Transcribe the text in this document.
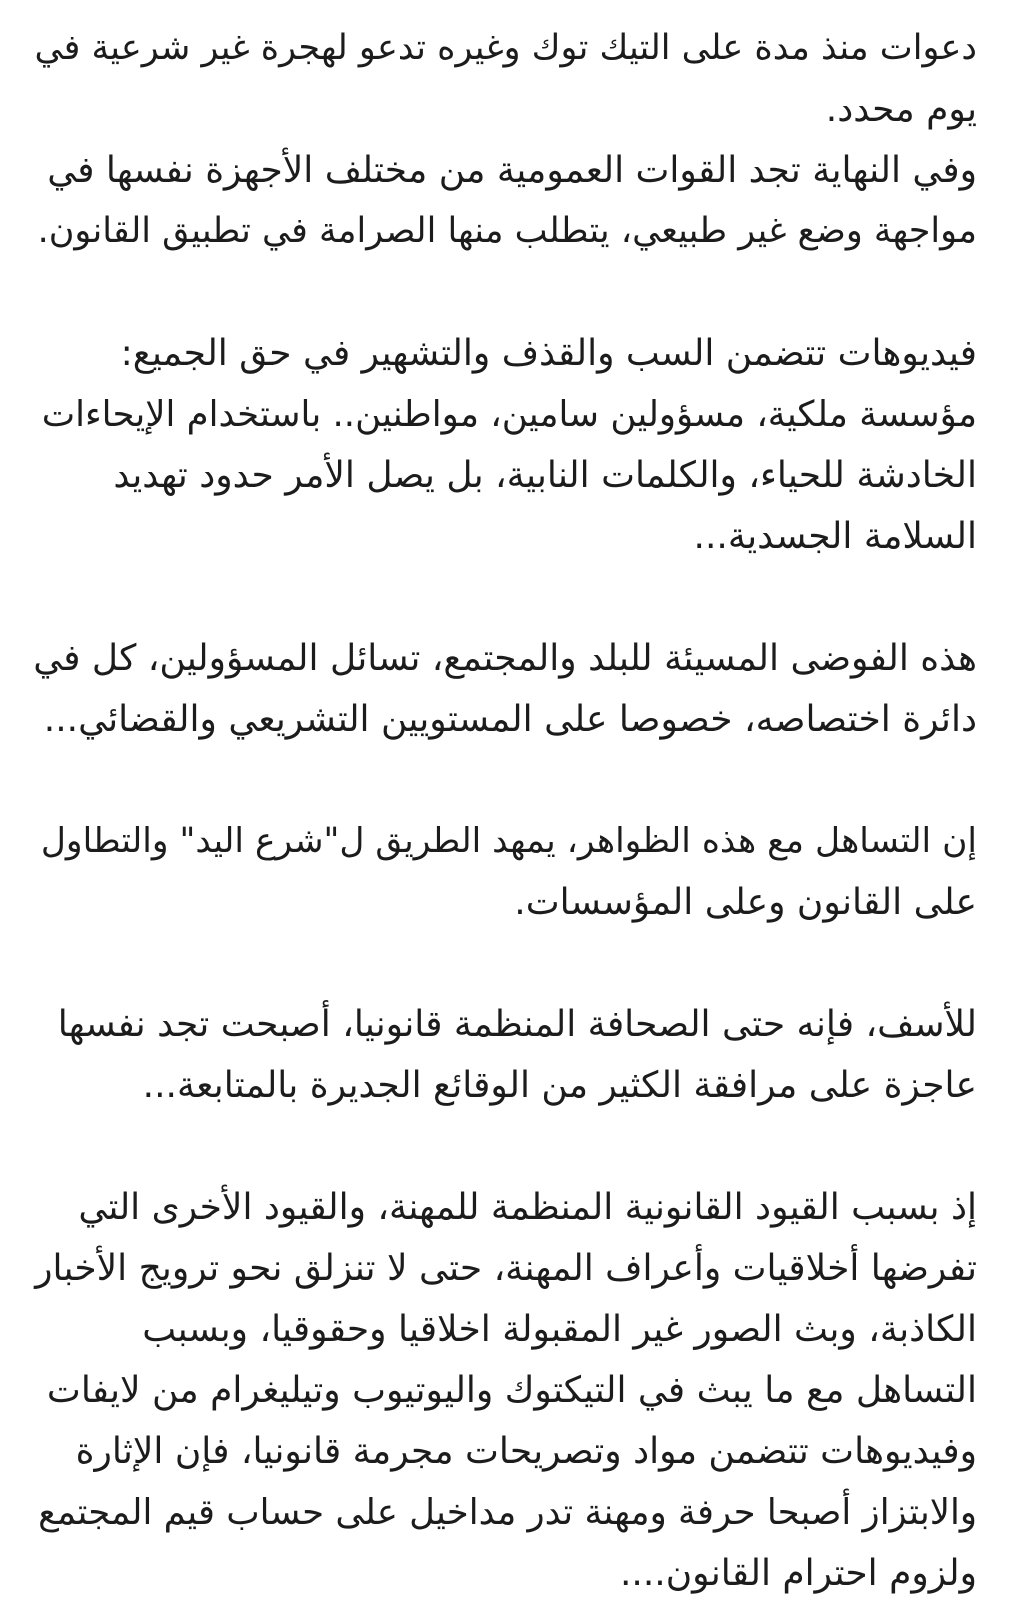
دعوات منذ مدة على التيك توك وغيره تدعو لهجرة غير شرعية في
يوم محدد.
وفي النهاية تجد القوات العمومية من مختلف الأجهزة نفسها في
مواجهة وضع غير طبيعي، يتطلب منها الصرامة في تطبيق القانون.

فيديوهات تتضمن السب والقذف والتشهير في حق الجميع:
مؤسسة ملكية، مسؤولين سامين، مواطنين.. باستخدام الإيحاءات
الخادشة للحياء، والكلمات النابية، بل يصل الأمر حدود تهديد
السلامة الجسدية...

هذه الفوضى المسيئة للبلد والمجتمع، تسائل المسؤولين، كل في
دائرة اختصاصه، خصوصا على المستويين التشريعي والقضائي...

إن التساهل مع هذه الظواهر، يمهد الطريق ل"شرع اليد" والتطاول
على القانون وعلى المؤسسات.

للأسف، فإنه حتى الصحافة المنظمة قانونيا، أصبحت تجد نفسها
عاجزة على مرافقة الكثير من الوقائع الجديرة بالمتابعة...

إذ بسبب القيود القانونية المنظمة للمهنة، والقيود الأخرى التي
تفرضها أخلاقيات وأعراف المهنة، حتى لا تنزلق نحو ترويج الأخبار
الكاذبة، وبث الصور غير المقبولة اخلاقيا وحقوقيا، وبسبب
التساهل مع ما يبث في التيكتوك واليوتيوب وتيليغرام من لايفات
وفيديوهات تتضمن مواد وتصريحات مجرمة قانونيا، فإن الإثارة
والابتزاز أصبحا حرفة ومهنة تدر مداخيل على حساب قيم المجتمع
ولزوم احترام القانون....
